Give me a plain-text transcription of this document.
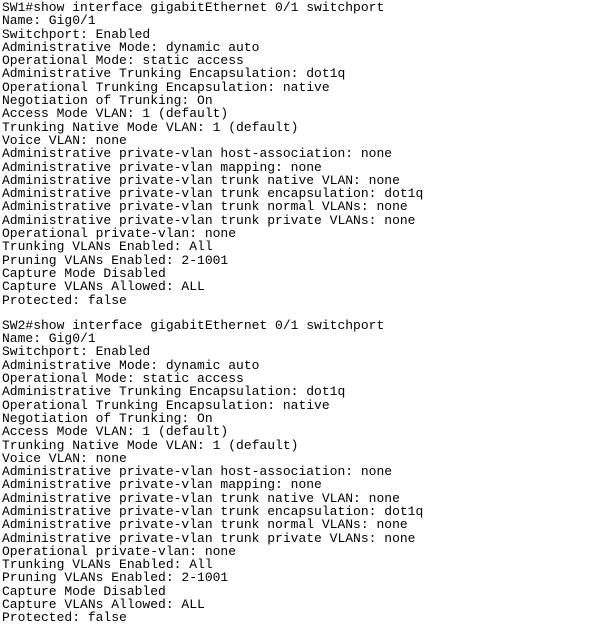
SW1#show interface gigabitEthernet 0/1 switchport
Name: Gig0/1
Switchport: Enabled
Administrative Mode: dynamic auto
Operational Mode: static access
Administrative Trunking Encapsulation: dot1q
Operational Trunking Encapsulation: native
Negotiation of Trunking: On
Access Mode VLAN: 1 (default)
Trunking Native Mode VLAN: 1 (default)
Voice VLAN: none
Administrative private-vlan host-association: none
Administrative private-vlan mapping: none
Administrative private-vlan trunk native VLAN: none
Administrative private-vlan trunk encapsulation: dot1q
Administrative private-vlan trunk normal VLANs: none
Administrative private-vlan trunk private VLANs: none
Operational private-vlan: none
Trunking VLANs Enabled: All
Pruning VLANs Enabled: 2-1001
Capture Mode Disabled
Capture VLANs Allowed: ALL
Protected: false
SW2#show interface gigabitEthernet 0/1 switchport
Name: Gig0/1
Switchport: Enabled
Administrative Mode: dynamic auto
Operational Mode: static access
Administrative Trunking Encapsulation: dot1q
Operational Trunking Encapsulation: native
Negotiation of Trunking: On
Access Mode VLAN: 1 (default)
Trunking Native Mode VLAN: 1 (default)
Voice VLAN: none
Administrative private-vlan host-association: none
Administrative private-vlan mapping: none
Administrative private-vlan trunk native VLAN: none
Administrative private-vlan trunk encapsulation: dot1q
Administrative private-vlan trunk normal VLANs: none
Administrative private-vlan trunk private VLANs: none
Operational private-vlan: none
Trunking VLANs Enabled: All
Pruning VLANs Enabled: 2-1001
Capture Mode Disabled
Capture VLANs Allowed: ALL
Protected: false
